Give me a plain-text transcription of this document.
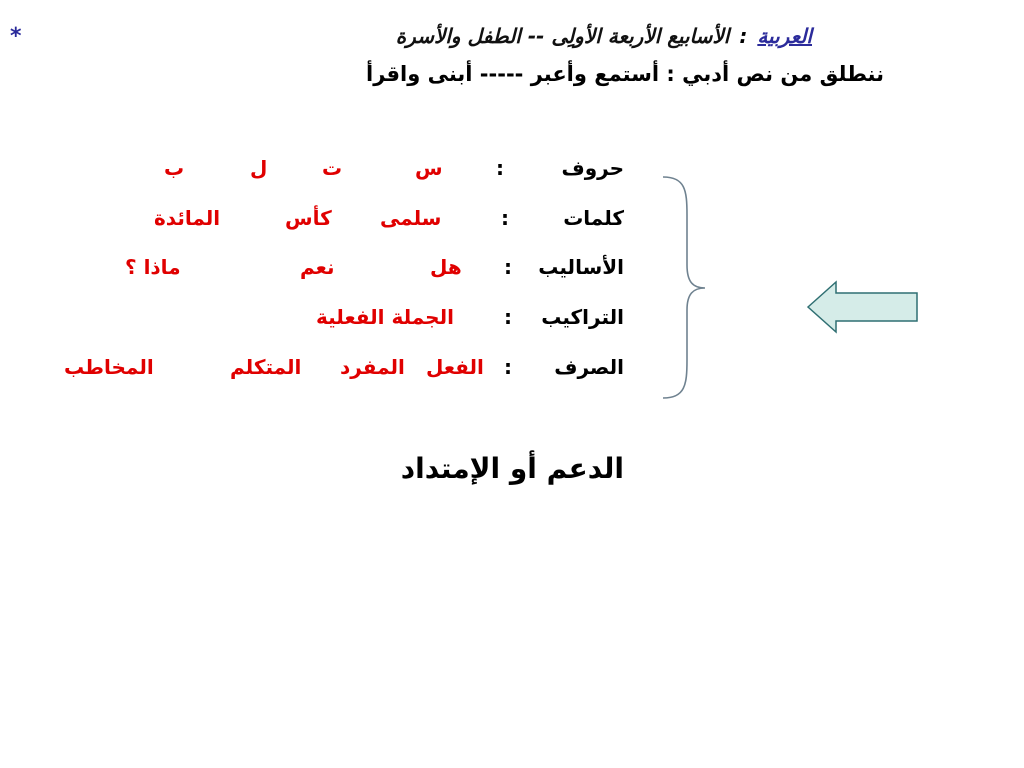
*	العربية:الأسابيع الأربعة الأولِِى -- الطفل والأسرة
ننطلق من نص أدبي : أستمع وأعبر ----- أبنى واقرأ
حروف
:
س
ت
ل
ب
كلمات
:
سلمى
كأس
المائدة
الأساليب
:
هل
نعم
ماذا ؟
التراكيب
:
الجملة الفعلية
الصرف
:
الفعل
المفرد
المتكلم
المخاطب
الدعم أو الإمتداد
